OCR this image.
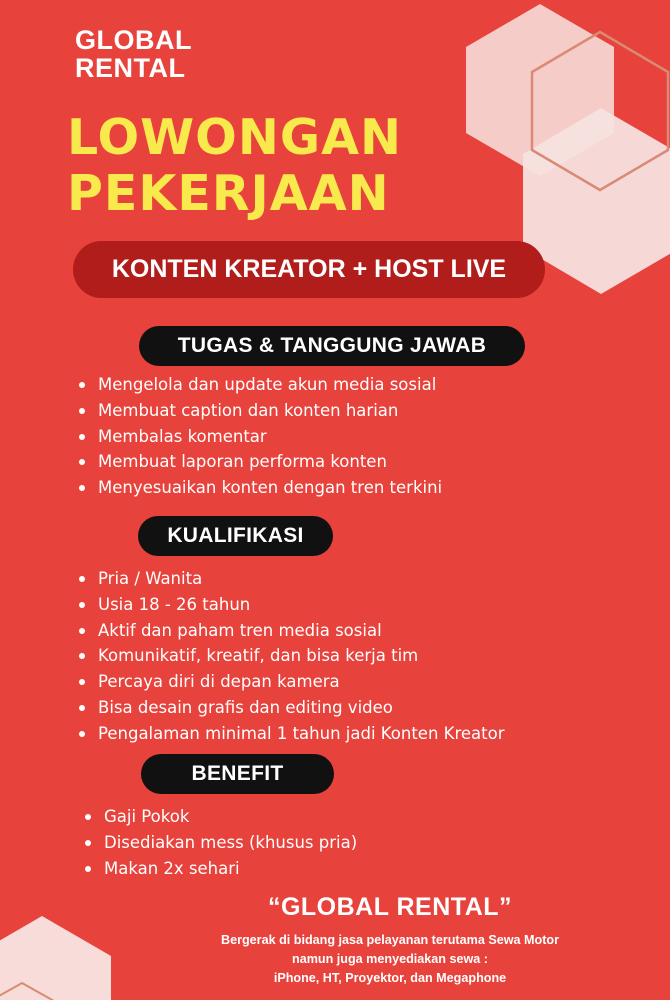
GLOBAL
RENTAL
LOWONGAN
PEKERJAAN
KONTEN KREATOR + HOST LIVE
TUGAS & TANGGUNG JAWAB
Mengelola dan update akun media sosial
Membuat caption dan konten harian
Membalas komentar
Membuat laporan performa konten
Menyesuaikan konten dengan tren terkini
KUALIFIKASI
Pria / Wanita
Usia 18 - 26 tahun
Aktif dan paham tren media sosial
Komunikatif, kreatif, dan bisa kerja tim
Percaya diri di depan kamera
Bisa desain grafis dan editing video
Pengalaman minimal 1 tahun jadi Konten Kreator
BENEFIT
Gaji Pokok
Disediakan mess (khusus pria)
Makan 2x sehari
“GLOBAL RENTAL”
Bergerak di bidang jasa pelayanan terutama Sewa Motor
namun juga menyediakan sewa :
iPhone, HT, Proyektor, dan Megaphone
